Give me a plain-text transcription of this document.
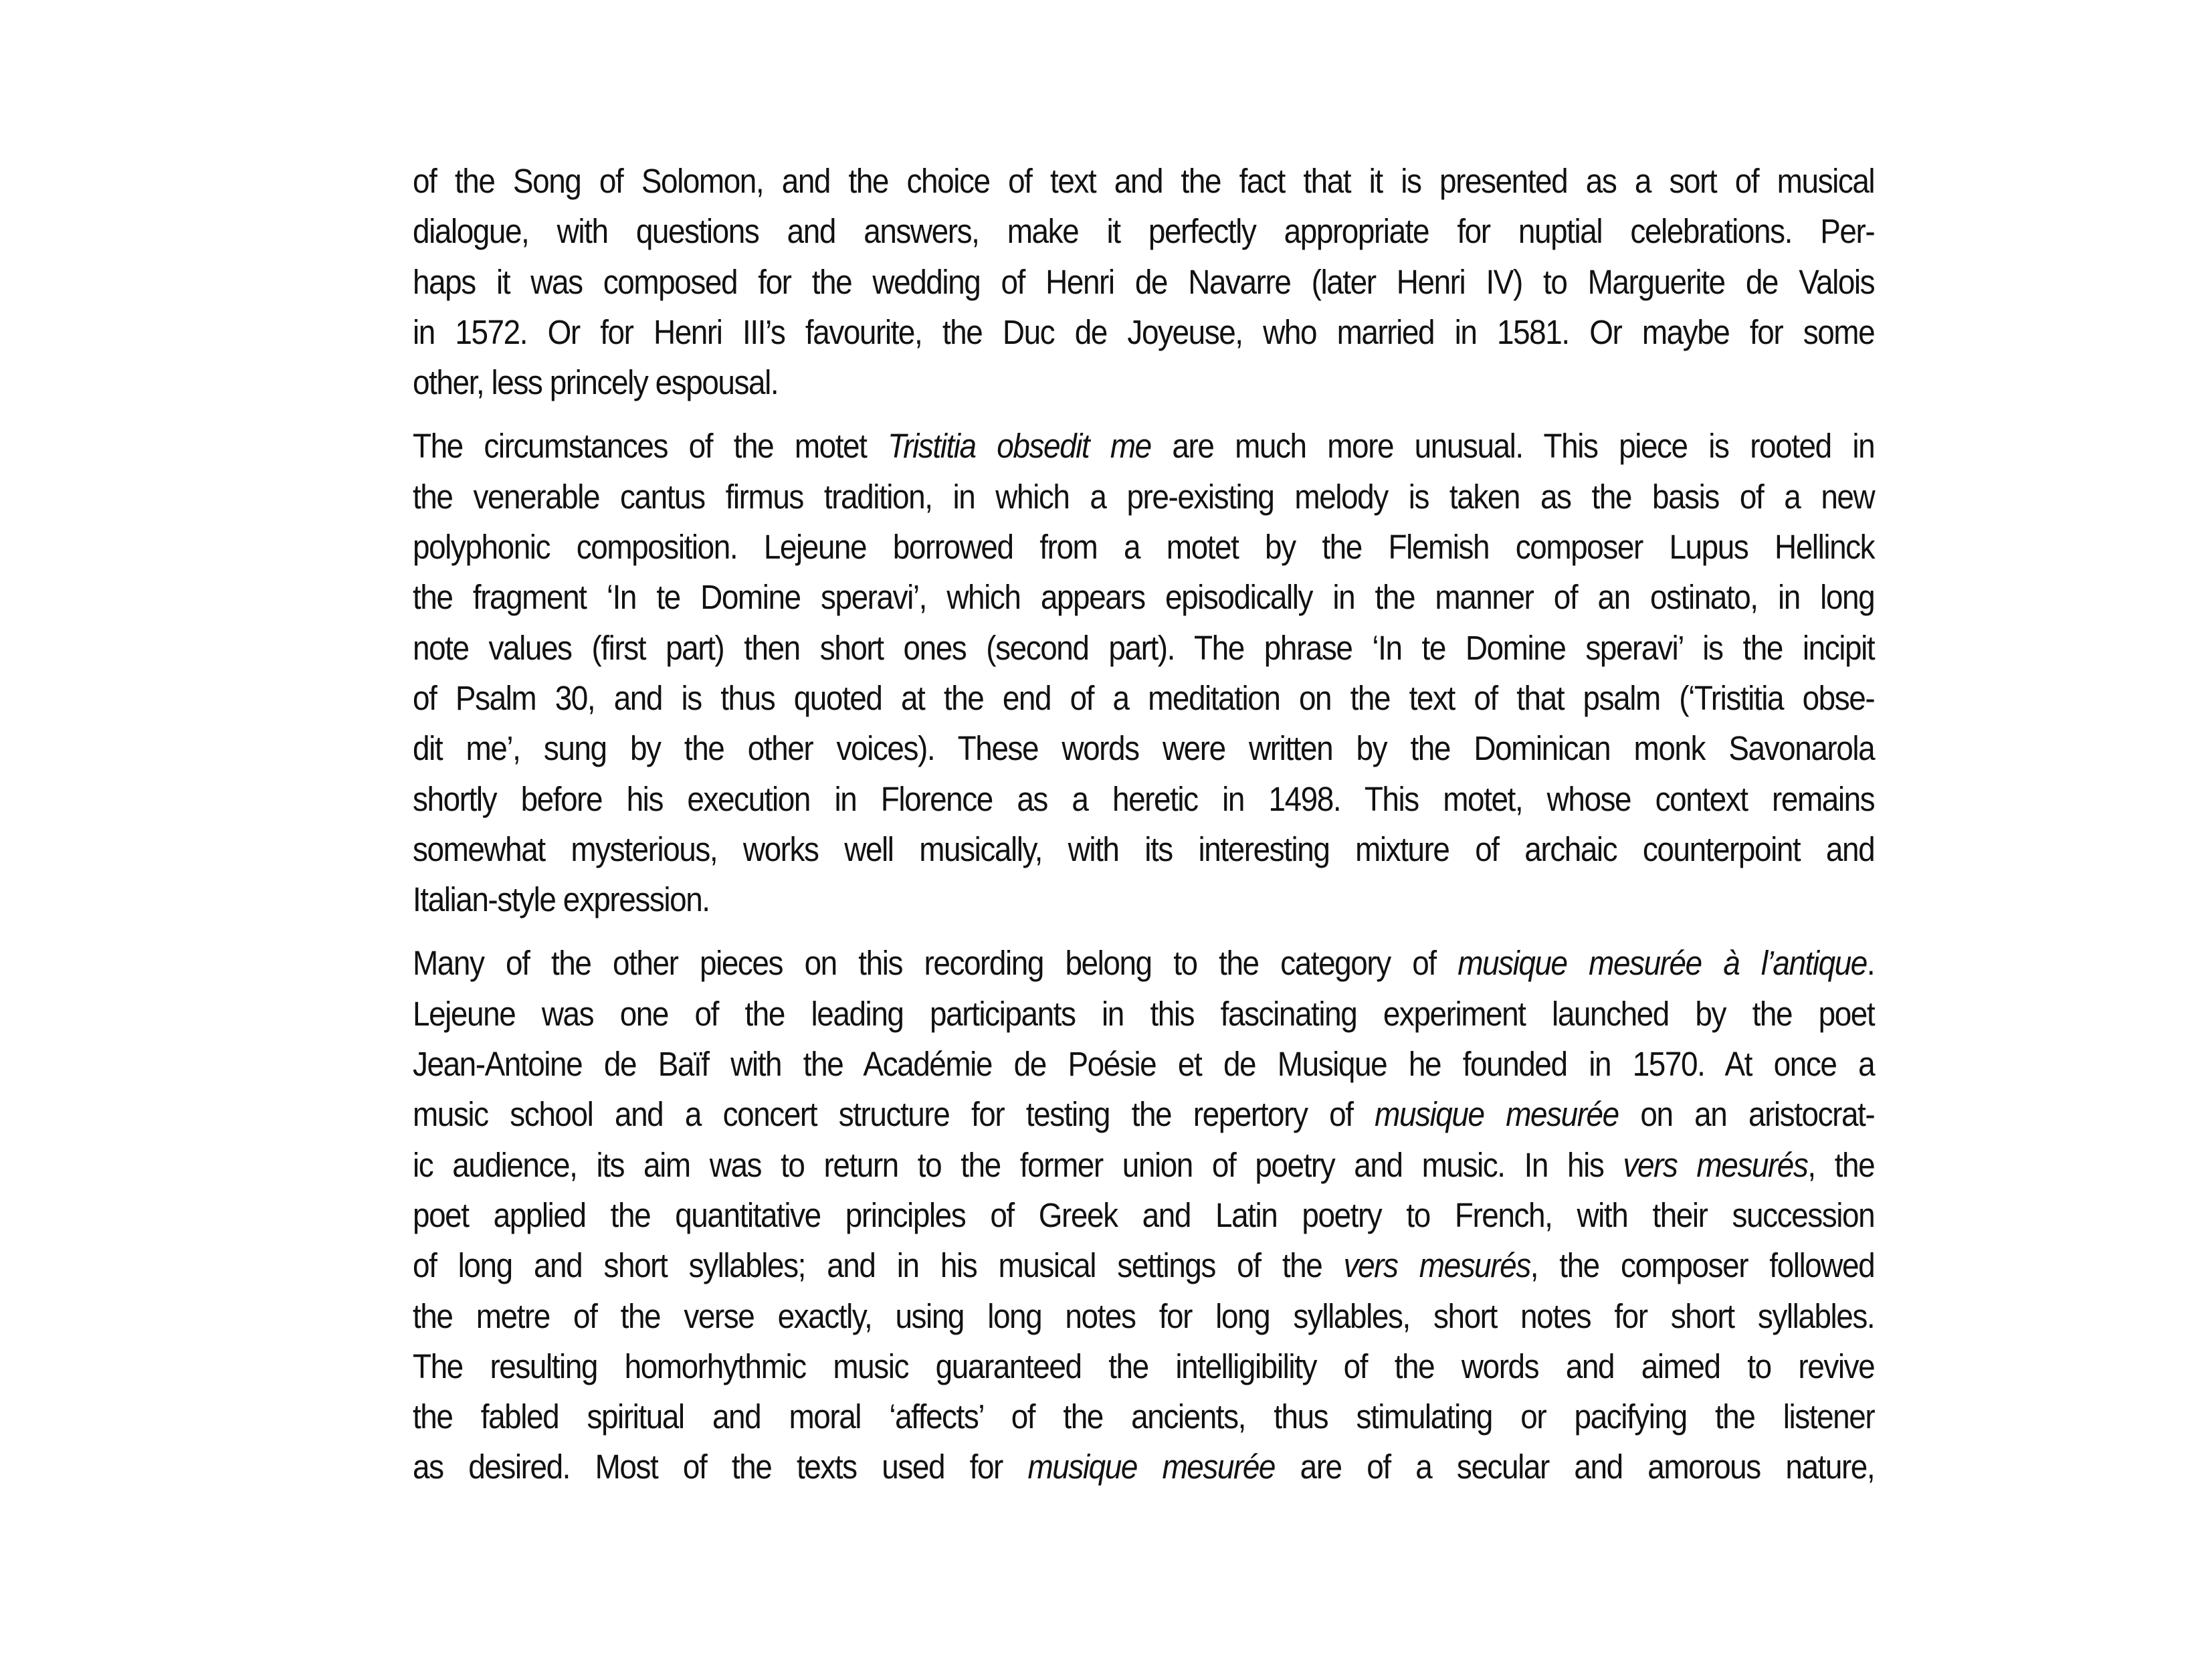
of the Song of Solomon, and the choice of text and the fact that it is presented as a sort of musical
dialogue, with questions and answers, make it perfectly appropriate for nuptial celebrations. Per-
haps it was composed for the wedding of Henri de Navarre (later Henri IV) to Marguerite de Valois
in 1572. Or for Henri III’s favourite, the Duc de Joyeuse, who married in 1581. Or maybe for some
other, less princely espousal.
The circumstances of the motet Tristitia obsedit me are much more unusual. This piece is rooted in
the venerable cantus firmus tradition, in which a pre-existing melody is taken as the basis of a new
polyphonic composition. Lejeune borrowed from a motet by the Flemish composer Lupus Hellinck
the fragment ‘In te Domine speravi’, which appears episodically in the manner of an ostinato, in long
note values (first part) then short ones (second part). The phrase ‘In te Domine speravi’ is the incipit
of Psalm 30, and is thus quoted at the end of a meditation on the text of that psalm (‘Tristitia obse-
dit me’, sung by the other voices). These words were written by the Dominican monk Savonarola
shortly before his execution in Florence as a heretic in 1498. This motet, whose context remains
somewhat mysterious, works well musically, with its interesting mixture of archaic counterpoint and
Italian-style expression.
Many of the other pieces on this recording belong to the category of musique mesurée à l’antique.
Lejeune was one of the leading participants in this fascinating experiment launched by the poet
Jean-Antoine de Baïf with the Académie de Poésie et de Musique he founded in 1570. At once a
music school and a concert structure for testing the repertory of musique mesurée on an aristocrat-
ic audience, its aim was to return to the former union of poetry and music. In his vers mesurés, the
poet applied the quantitative principles of Greek and Latin poetry to French, with their succession
of long and short syllables; and in his musical settings of the vers mesurés, the composer followed
the metre of the verse exactly, using long notes for long syllables, short notes for short syllables.
The resulting homorhythmic music guaranteed the intelligibility of the words and aimed to revive
the fabled spiritual and moral ‘affects’ of the ancients, thus stimulating or pacifying the listener
as desired. Most of the texts used for musique mesurée are of a secular and amorous nature,
